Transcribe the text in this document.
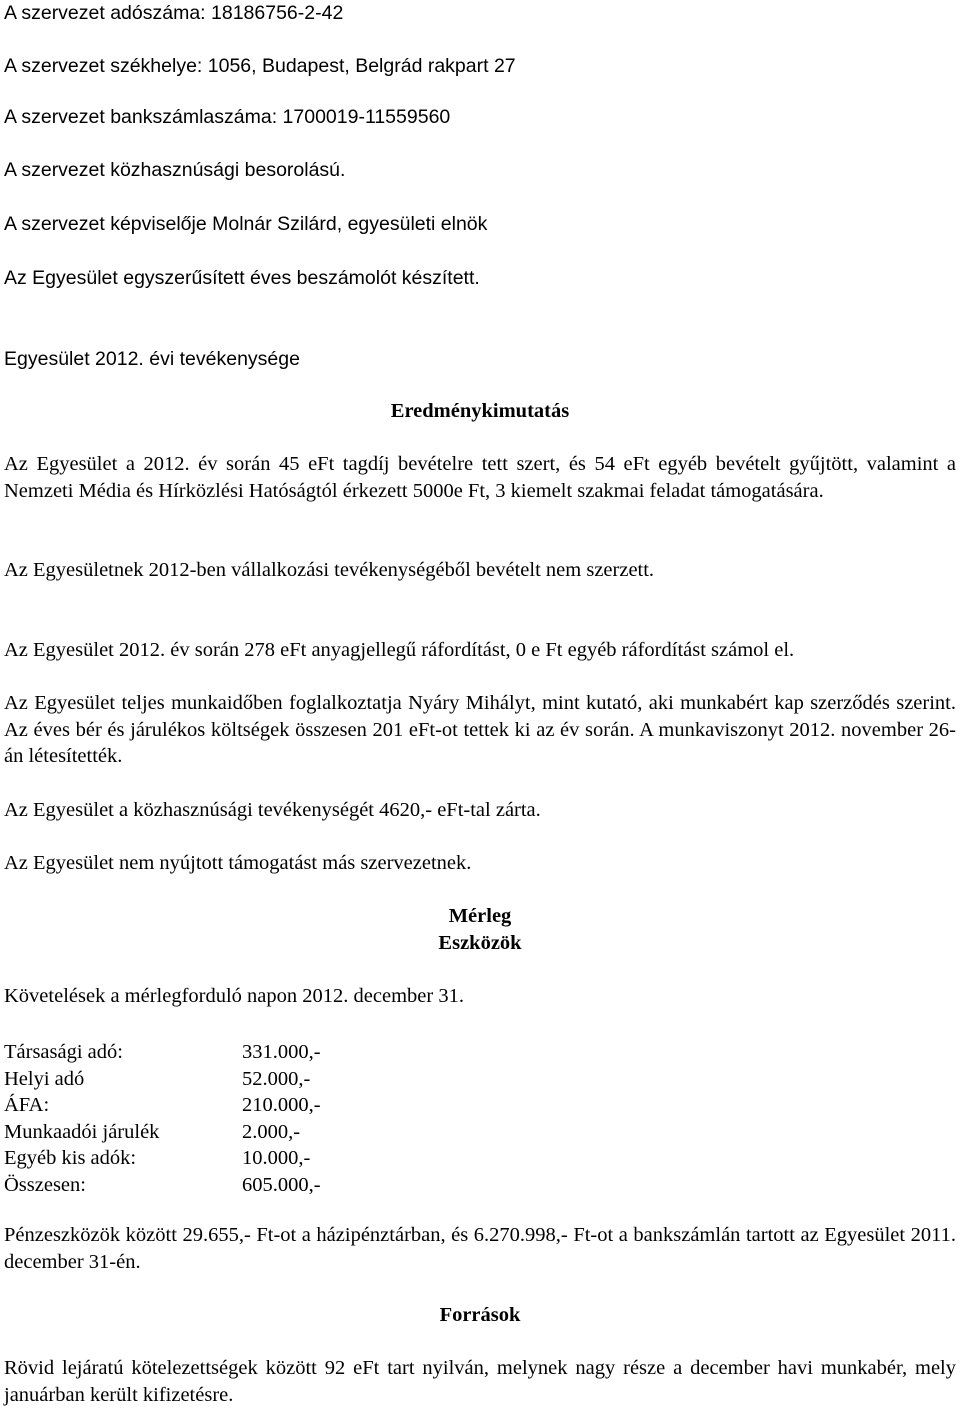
A szervezet adószáma: 18186756-2-42

A szervezet székhelye: 1056, Budapest, Belgrád rakpart 27

A szervezet bankszámlaszáma: 1700019-11559560

A szervezet közhasznúsági besorolású.

A szervezet képviselője Molnár Szilárd, egyesületi elnök

Az Egyesület egyszerűsített éves beszámolót készített.

Egyesület 2012. évi tevékenysége

Eredménykimutatás

Az Egyesület a 2012. év során 45 eFt tagdíj bevételre tett szert, és 54 eFt egyéb bevételt gyűjtött, valamint a Nemzeti Média és Hírközlési Hatóságtól érkezett 5000e Ft, 3 kiemelt szakmai feladat támogatására.

Az Egyesületnek 2012-ben vállalkozási tevékenységéből bevételt nem szerzett.

Az Egyesület 2012. év során 278 eFt anyagjellegű ráfordítást, 0 e Ft egyéb ráfordítást számol el.

Az Egyesület teljes munkaidőben foglalkoztatja Nyáry Mihályt, mint kutató, aki munkabért kap szerződés szerint. Az éves bér és járulékos költségek összesen 201 eFt-ot tettek ki az év során. A munkaviszonyt 2012. november 26-án létesítették.

Az Egyesület a közhasznúsági tevékenységét 4620,- eFt-tal zárta.

Az Egyesület nem nyújtott támogatást más szervezetnek.

Mérleg

Eszközök

Követelések a mérlegforduló napon 2012. december 31.

Társasági adó:	331.000,-
Helyi adó	52.000,-
ÁFA:	210.000,-
Munkaadói járulék	2.000,-
Egyéb kis adók:	10.000,-
Összesen:	605.000,-

Pénzeszközök között 29.655,- Ft-ot a házipénztárban, és 6.270.998,- Ft-ot a bankszámlán tartott az Egyesület 2011. december 31-én.

Források

Rövid lejáratú kötelezettségek között 92 eFt tart nyilván, melynek nagy része a december havi munkabér, mely januárban került kifizetésre.
